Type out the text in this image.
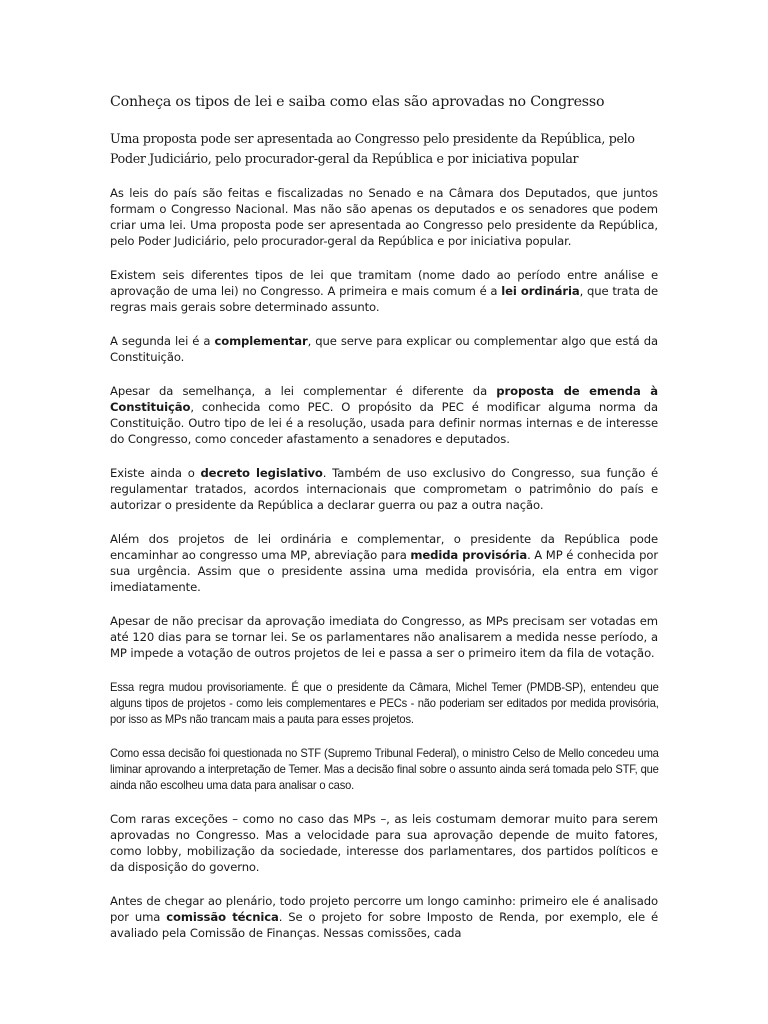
Conheça os tipos de lei e saiba como elas são aprovadas no Congresso

Uma proposta pode ser apresentada ao Congresso pelo presidente da República, pelo Poder Judiciário, pelo procurador-geral da República e por iniciativa popular

As leis do país são feitas e fiscalizadas no Senado e na Câmara dos Deputados, que juntos formam o Congresso Nacional. Mas não são apenas os deputados e os senadores que podem criar uma lei. Uma proposta pode ser apresentada ao Congresso pelo presidente da República, pelo Poder Judiciário, pelo procurador-geral da República e por iniciativa popular.

Existem seis diferentes tipos de lei que tramitam (nome dado ao período entre análise e aprovação de uma lei) no Congresso. A primeira e mais comum é a lei ordinária, que trata de regras mais gerais sobre determinado assunto.

A segunda lei é a complementar, que serve para explicar ou complementar algo que está da Constituição.

Apesar da semelhança, a lei complementar é diferente da proposta de emenda à Constituição, conhecida como PEC. O propósito da PEC é modificar alguma norma da Constituição. Outro tipo de lei é a resolução, usada para definir normas internas e de interesse do Congresso, como conceder afastamento a senadores e deputados.

Existe ainda o decreto legislativo. Também de uso exclusivo do Congresso, sua função é regulamentar tratados, acordos internacionais que comprometam o patrimônio do país e autorizar o presidente da República a declarar guerra ou paz a outra nação.

Além dos projetos de lei ordinária e complementar, o presidente da República pode encaminhar ao congresso uma MP, abreviação para medida provisória. A MP é conhecida por sua urgência. Assim que o presidente assina uma medida provisória, ela entra em vigor imediatamente.

Apesar de não precisar da aprovação imediata do Congresso, as MPs precisam ser votadas em até 120 dias para se tornar lei. Se os parlamentares não analisarem a medida nesse período, a MP impede a votação de outros projetos de lei e passa a ser o primeiro item da fila de votação.

Essa regra mudou provisoriamente. É que o presidente da Câmara, Michel Temer (PMDB-SP), entendeu que alguns tipos de projetos - como leis complementares e PECs - não poderiam ser editados por medida provisória, por isso as MPs não trancam mais a pauta para esses projetos.

Como essa decisão foi questionada no STF (Supremo Tribunal Federal), o ministro Celso de Mello concedeu uma liminar aprovando a interpretação de Temer. Mas a decisão final sobre o assunto ainda será tomada pelo STF, que ainda não escolheu uma data para analisar o caso.

Com raras exceções – como no caso das MPs –, as leis costumam demorar muito para serem aprovadas no Congresso. Mas a velocidade para sua aprovação depende de muito fatores, como lobby, mobilização da sociedade, interesse dos parlamentares, dos partidos políticos e da disposição do governo.

Antes de chegar ao plenário, todo projeto percorre um longo caminho: primeiro ele é analisado por uma comissão técnica. Se o projeto for sobre Imposto de Renda, por exemplo, ele é avaliado pela Comissão de Finanças. Nessas comissões, cada
